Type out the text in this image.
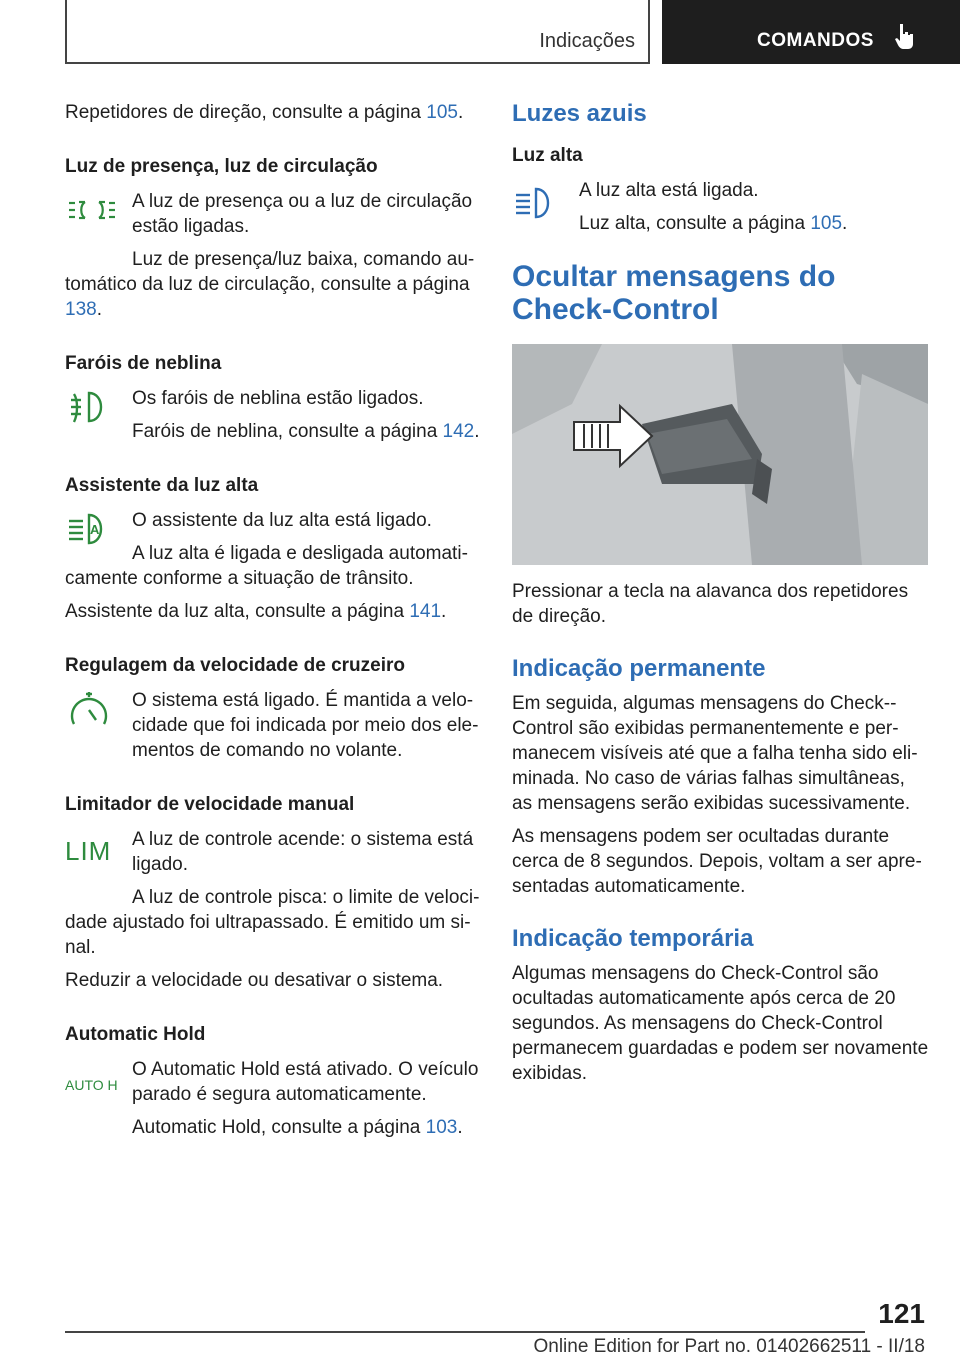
Indicações	COMANDOS

Repetidores de direção, consulte a página 105.

Luz de presença, luz de circulação

A luz de presença ou a luz de circulação estão ligadas.

Luz de presença/luz baixa, comando automático da luz de circulação, consulte a página 138.

Faróis de neblina

Os faróis de neblina estão ligados.

Faróis de neblina, consulte a página 142.

Assistente da luz alta
A O assistente da luz alta está ligado.

A luz alta é ligada e desligada automaticamente conforme a situação de trânsito.

Assistente da luz alta, consulte a página 141.

Regulagem da velocidade de cruzeiro

O sistema está ligado. É mantida a velocidade que foi indicada por meio dos elementos de comando no volante.

Limitador de velocidade manual
LIM	A luz de controle acende: o sistema está ligado.

A luz de controle pisca: o limite de velocidade ajustado foi ultrapassado. É emitido um sinal.

Reduzir a velocidade ou desativar o sistema.

Automatic Hold
AUTO H

O Automatic Hold está ativado. O veículo parado é segura automaticamente.

Automatic Hold, consulte a página 103.

Luzes azuis
Luz alta

A luz alta está ligada.

Luz alta, consulte a página 105.

Ocultar mensagens do Check-Control

Pressionar a tecla na alavanca dos repetidores de direção.

Indicação permanente

Em seguida, algumas mensagens do Check-Control são exibidas permanentemente e permanecem visíveis até que a falha tenha sido eliminada. No caso de várias falhas simultâneas, as mensagens serão exibidas sucessivamente.

As mensagens podem ser ocultadas durante cerca de 8 segundos. Depois, voltam a ser apresentadas automaticamente.

Indicação temporária

Algumas mensagens do Check-Control são ocultadas automaticamente após cerca de 20 segundos. As mensagens do Check-Control permanecem guardadas e podem ser novamente exibidas.

121
Online Edition for Part no. 01402662511 - II/18
